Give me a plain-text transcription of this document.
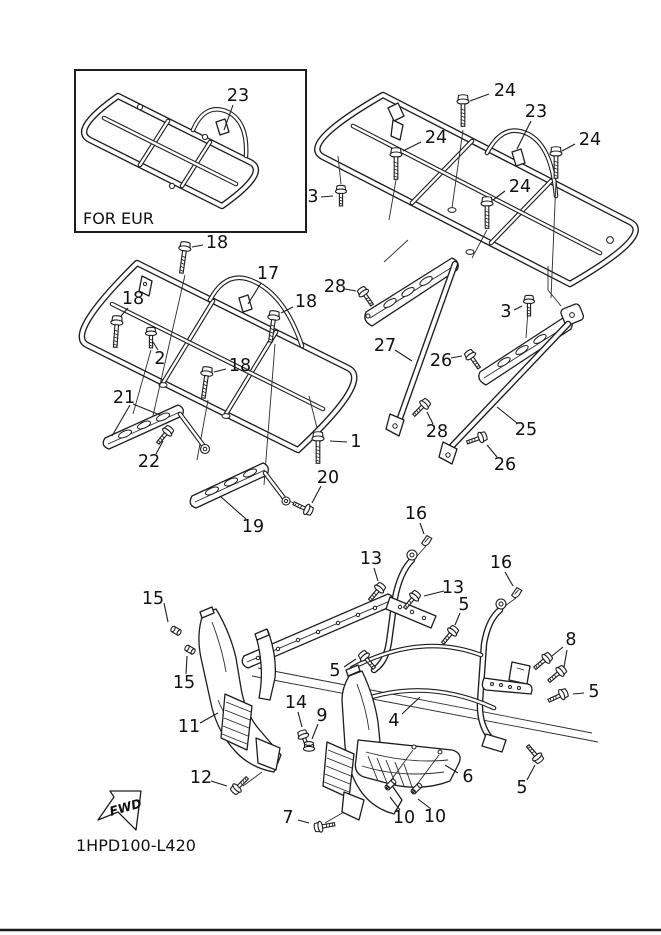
FOR EUR
FWD
1HPD100-L420
23	24
23
24
24
24
3
3
18
17
18
18
2	18
28
27
26
21
22
1
20
19
28	25
26
16
16
13
13
5
5
8
5
5
15
15
11
14
9	4
12
7
6
10 10
